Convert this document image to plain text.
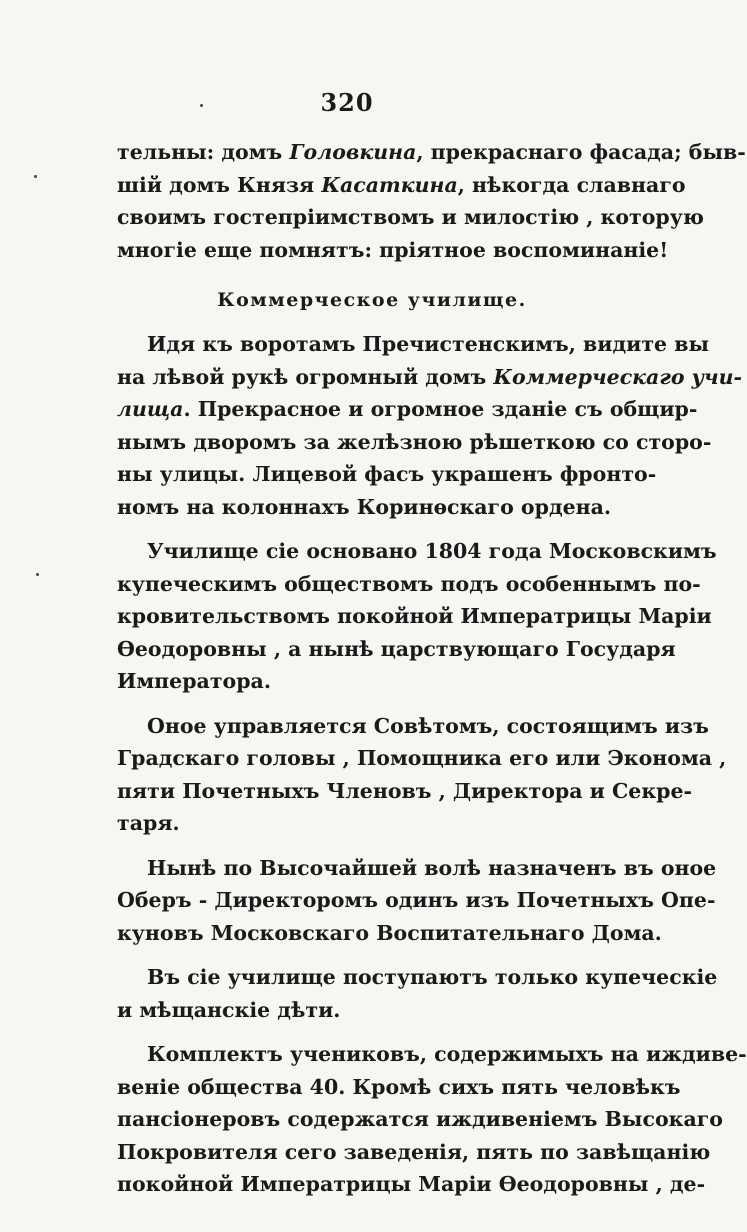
320
тельны: домъ Головкина, прекраснаго фасада; быв-
шій домъ Князя Касаткина, нѣкогда славнаго
своимъ гостепріимствомъ и милостію , которую
многіе еще помнятъ: пріятное воспоминаніе!
Коммерческое училище.
Идя къ воротамъ Пречистенскимъ, видите вы
на лѣвой рукѣ огромный домъ Коммерческаго учи-
лища. Прекрасное и огромное зданіе съ общир-
нымъ дворомъ за желѣзною рѣшеткою со сторо-
ны улицы. Лицевой фасъ украшенъ фронто-
номъ на колоннахъ Коринѳскаго ордена.
Училище сіе основано 1804 года Московскимъ
купеческимъ обществомъ подъ особеннымъ по-
кровительствомъ покойной Императрицы Маріи
Ѳеодоровны , а нынѣ царствующаго Государя
Императора.
Оное управляется Совѣтомъ, состоящимъ изъ
Градскаго головы , Помощника его или Эконома ,
пяти Почетныхъ Членовъ , Директора и Секре-
таря.
Нынѣ по Высочайшей волѣ назначенъ въ оное
Оберъ - Директоромъ одинъ изъ Почетныхъ Опе-
куновъ Московскаго Воспитательнаго Дома.
Въ сіе училище поступаютъ только купеческіе
и мѣщанскіе дѣти.
Комплектъ учениковъ, содержимыхъ на иждиве-
веніе общества 40. Кромѣ сихъ пять человѣкъ
пансіонеровъ содержатся иждивеніемъ Высокаго
Покровителя сего заведенія, пять по завѣщанію
покойной Императрицы Маріи Ѳеодоровны , де-
